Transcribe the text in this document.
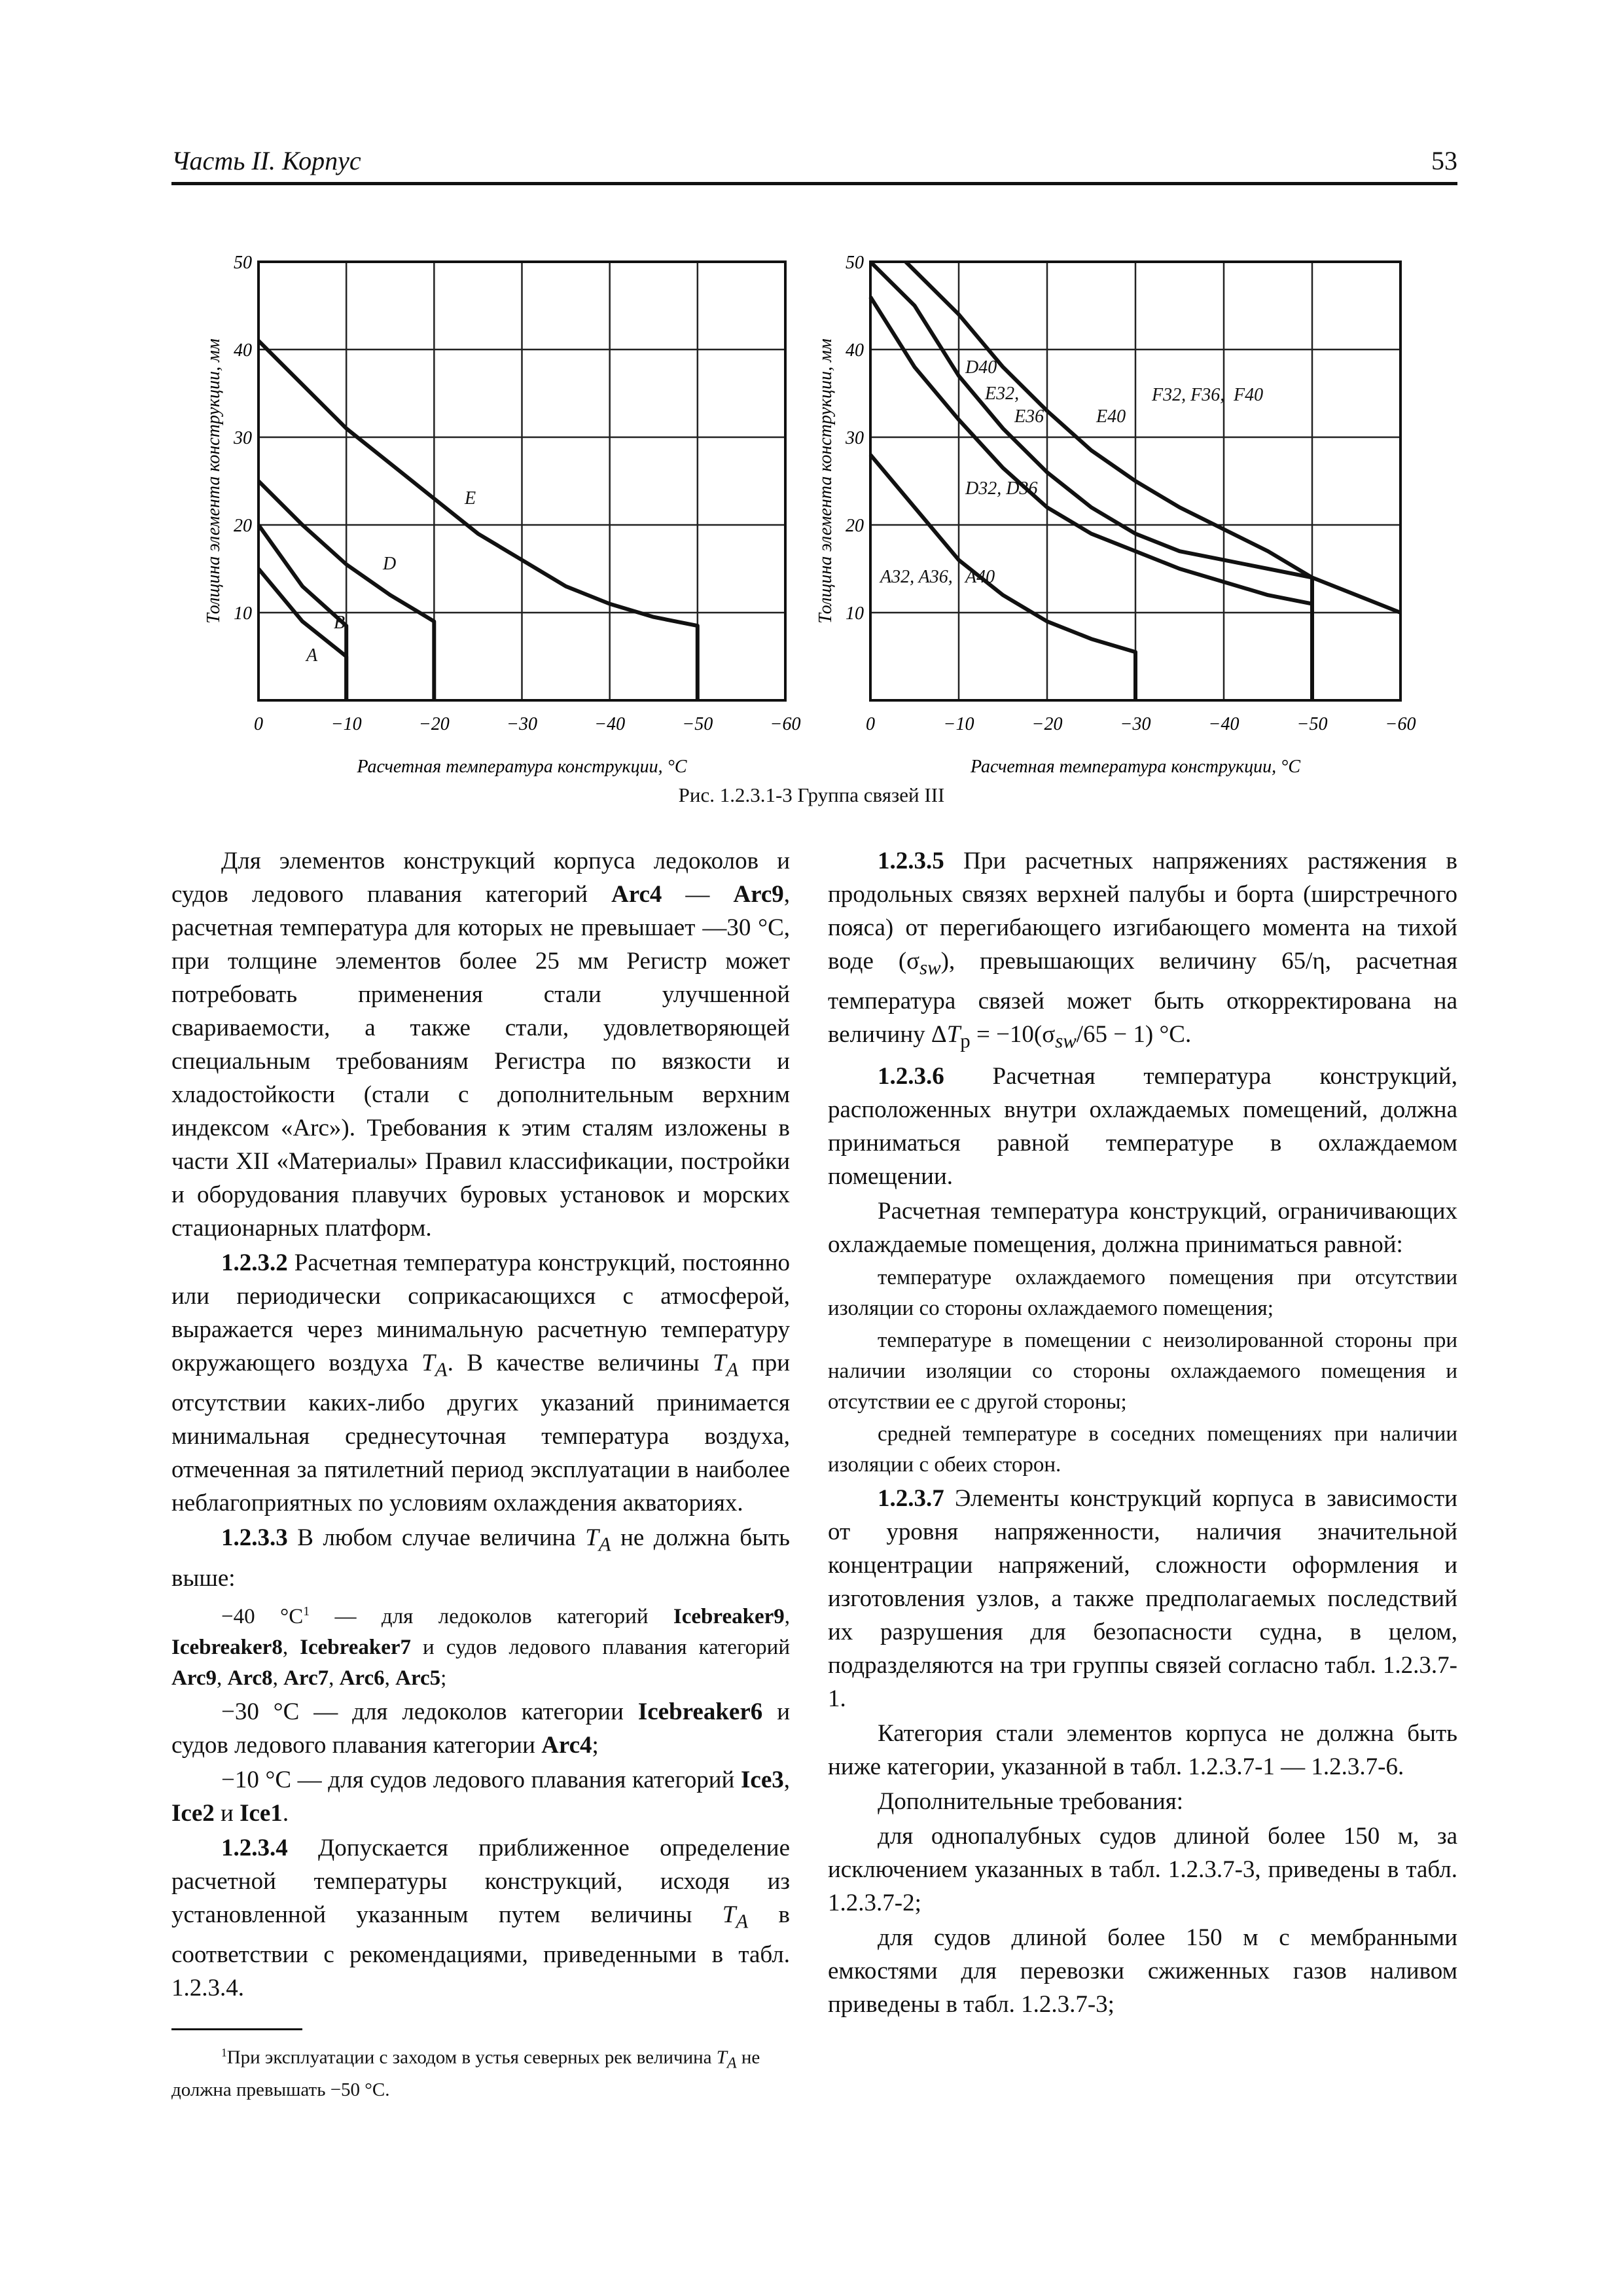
Часть II. Корпус	53
10
20
30
40
50
0	−10	−20	−30	−40	−50	−60
Расчетная температура конструкции, °С
Толщина элемента конструкции, мм
A
B
D
E
10
20
30
40
50
0	−10	−20	−30	−40	−50	−60
Расчетная температура конструкции, °С
Толщина элемента конструкции, мм	D40
E32,
E36	E40
F32, F36, F40
D32, D36
A32, A36, A40
Рис. 1.2.3.1-3 Группа связей III

Для элементов конструкций корпуса ледоколов и судов ледового плавания категорий Arc4 — Arc9, расчетная температура для которых не превышает —30 °С, при толщине элементов более 25 мм Регистр может потребовать применения стали улучшенной свариваемости, а также стали, удовлетворяющей специальным требованиям Регистра по вязкости и хладостойкости (стали с дополнительным верхним индексом «Arc»). Требования к этим сталям изложены в части XII «Материалы» Правил классификации, постройки и оборудования плавучих буровых установок и морских стационарных платформ.

1.2.3.2 Расчетная температура конструкций, постоянно или периодически соприкасающихся с атмосферой, выражается через минимальную расчетную температуру окружающего воздуха $T_A$. В качестве величины $T_A$ при отсутствии каких-либо других указаний принимается минимальная среднесуточная температура воздуха, отмеченная за пятилетний период эксплуатации в наиболее неблагоприятных по условиям охлаждения акваториях.

1.2.3.3 В любом случае величина $T_A$ не должна быть выше:

−40 $^\circ С^1$ — для ледоколов категорий Icebreaker9, Icebreaker8, Icebreaker7 и судов ледового плавания категорий Arc9, Arc8, Arc7, Arc6, Arc5;

−30 °С — для ледоколов категории Icebreaker6 и судов ледового плавания категории Arc4;

−10 °С — для судов ледового плавания категорий Ice3, Ice2 и Ice1.

1.2.3.4 Допускается приближенное определение расчетной температуры конструкций, исходя из установленной указанным путем величины $T_A$ в соответствии с рекомендациями, приведенными в табл. 1.2.3.4.

$^1$При эксплуатации с заходом в устья северных рек величина $T_A$ не должна превышать −50 °С.

1.2.3.5 При расчетных напряжениях растяжения в продольных связях верхней палубы и борта (ширстречного пояса) от перегибающего изгибающего момента на тихой воде $(\sigma_{sw})$, превышающих величину 65/η, расчетная температура связей может быть откорректирована на величину $\Delta T_р = -10(\sigma_{sw}/65 - 1)$ °С.

1.2.3.6 Расчетная температура конструкций, расположенных внутри охлаждаемых помещений, должна приниматься равной температуре в охлаждаемом помещении.

Расчетная температура конструкций, ограничивающих охлаждаемые помещения, должна приниматься равной:

температуре охлаждаемого помещения при отсутствии изоляции со стороны охлаждаемого помещения;

температуре в помещении с неизолированной стороны при наличии изоляции со стороны охлаждаемого помещения и отсутствии ее с другой стороны;

средней температуре в соседних помещениях при наличии изоляции с обеих сторон.

1.2.3.7 Элементы конструкций корпуса в зависимости от уровня напряженности, наличия значительной концентрации напряжений, сложности оформления и изготовления узлов, а также предполагаемых последствий их разрушения для безопасности судна, в целом, подразделяются на три группы связей согласно табл. 1.2.3.7-1.

Категория стали элементов корпуса не должна быть ниже категории, указанной в табл. 1.2.3.7-1 — 1.2.3.7-6.

Дополнительные требования:

для однопалубных судов длиной более 150 м, за исключением указанных в табл. 1.2.3.7-3, приведены в табл. 1.2.3.7-2;

для судов длиной более 150 м с мембранными емкостями для перевозки сжиженных газов наливом приведены в табл. 1.2.3.7-3;
